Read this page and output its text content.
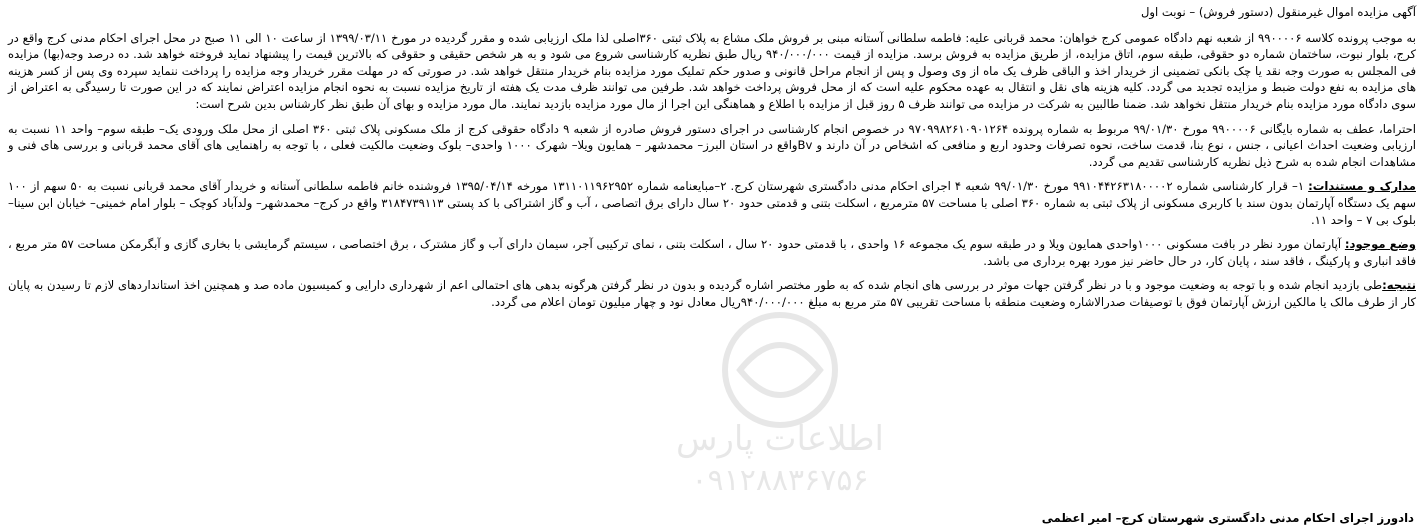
اطلاعات پارس
۰۹۱۲۸۸۳۶۷۵۶
آگهی مزایده اموال غیرمنقول (دستور فروش) – نوبت اول

به موجب پرونده کلاسه ۹۹۰۰۰۰۶ از شعبه نهم دادگاه عمومی کرج خواهان: محمد قربانی علیه: فاطمه سلطانی آستانه مبنی بر فروش ملک مشاع به پلاک ثبتی ۳۶۰اصلی لذا ملک ارزیابی شده و مقرر گردیده در مورخ ۱۳۹۹/۰۳/۱۱ از ساعت ۱۰ الی ۱۱ صبح در محل اجرای احکام مدنی کرج واقع در کرج، بلوار نبوت، ساختمان شماره دو حقوقی، طبقه سوم، اتاق مزایده، از طریق مزایده به فروش برسد. مزایده از قیمت ۹۴۰/۰۰۰/۰۰۰ ریال طبق نظریه کارشناسی شروع می شود و به هر شخص حقیقی و حقوقی که بالاترین قیمت را پیشنهاد نماید فروخته خواهد شد. ده درصد وجه(بها) مزایده فی المجلس به صورت وجه نقد یا چک بانکی تضمینی از خریدار اخذ و الباقی ظرف یک ماه از وی وصول و پس از انجام مراحل قانونی و صدور حکم تملیک مورد مزایده بنام خریدار منتقل خواهد شد. در صورتی که در مهلت مقرر خریدار وجه مزایده را پرداخت ننماید سپرده وی پس از کسر هزینه های مزایده به نفع دولت ضبط و مزایده تجدید می گردد. کلیه هزینه های نقل و انتقال به عهده محکوم علیه است که از محل فروش پرداخت خواهد شد. طرفین می توانند ظرف مدت یک هفته از تاریخ مزایده نسبت به نحوه انجام مزایده اعتراض نمایند که در این صورت تا رسیدگی به اعتراض از سوی دادگاه مورد مزایده بنام خریدار منتقل نخواهد شد. ضمنا طالبین به شرکت در مزایده می توانند ظرف ۵ روز قبل از مزایده با اطلاع و هماهنگی این اجرا از مال مورد مزایده بازدید نمایند. مال مورد مزایده و بهای آن طبق نظر کارشناس بدین شرح است:

احتراما، عطف به شماره بایگانی ۹۹۰۰۰۰۶ مورخ ۹۹/۰۱/۳۰ مربوط به شماره پرونده ۹۷۰۹۹۸۲۶۱۰۹۰۱۲۶۴ در خصوص انجام کارشناسی در اجرای دستور فروش صادره از شعبه ۹ دادگاه حقوقی کرج از ملک مسکونی پلاک ثبتی ۳۶۰ اصلی از محل ملک ورودی یک– طبقه سوم– واحد ۱۱ نسبت به ارزیابی وضعیت احداث اعیانی ، جنس ، نوع بنا، قدمت ساخت، نحوه تصرفات وحدود اربع و منافعی که اشخاص در آن دارند و Bvواقع در استان البرز– محمدشهر – همایون ویلا– شهرک ۱۰۰۰ واحدی– بلوک وضعیت مالکیت فعلی ، با توجه به راهنمایی های آقای محمد قربانی و بررسی های فنی و مشاهدات انجام شده به شرح ذیل نظریه کارشناسی تقدیم می گردد.

مدارک و مستندات: ۱– قرار کارشناسی شماره ۹۹۱۰۴۴۲۶۳۱۸۰۰۰۰۲ مورخ ۹۹/۰۱/۳۰ شعبه ۴ اجرای احکام مدنی دادگستری شهرستان کرج. ۲–مبایعنامه شماره ۱۳۱۱۰۱۱۹۶۲۹۵۲ مورخه ۱۳۹۵/۰۴/۱۴ فروشنده خانم فاطمه سلطانی آستانه و خریدار آقای محمد قربانی نسبت به ۵۰ سهم از ۱۰۰ سهم یک دستگاه آپارتمان بدون سند با کاربری مسکونی از پلاک ثبتی به شماره ۳۶۰ اصلی با مساحت ۵۷ مترمربع ، اسکلت بتنی و قدمتی حدود ۲۰ سال دارای برق اتصاصی ، آب و گاز اشتراکی با کد پستی ۳۱۸۴۷۳۹۱۱۳ واقع در کرج– محمدشهر– ولدآباد کوچک – بلوار امام خمینی– خیابان ابن سینا– بلوک بی ۷ – واحد ۱۱.

وضع موجود: آپارتمان مورد نظر در بافت مسکونی ۱۰۰۰واحدی همایون ویلا و در طبقه سوم یک مجموعه ۱۶ واحدی ، با قدمتی حدود ۲۰ سال ، اسکلت بتنی ، نمای ترکیبی آجر، سیمان دارای آب و گاز مشترک ، برق اختصاصی ، سیستم گرمایشی با بخاری گازی و آبگرمکن مساحت ۵۷ متر مربع ، فاقد انباری و پارکینگ ، فاقد سند ، پایان کار، در حال حاضر نیز مورد بهره برداری می باشد.

نتیجه:طی بازدید انجام شده و با توجه به وضعیت موجود و با در نظر گرفتن جهات موثر در بررسی های انجام شده که به طور مختصر اشاره گردیده و بدون در نظر گرفتن هرگونه بدهی های احتمالی اعم از شهرداری دارایی و کمیسیون ماده صد و همچنین اخذ استانداردهای لازم تا رسیدن به پایان کار از طرف مالک یا مالکین ارزش آپارتمان فوق با توصیفات صدرالاشاره وضعیت منطقه با مساحت تقریبی ۵۷ متر مربع به مبلغ ۹۴۰/۰۰۰/۰۰۰ریال معادل نود و چهار میلیون تومان اعلام می گردد.

دادورز اجرای احکام مدنی دادگستری شهرستان کرج– امیر اعظمی
